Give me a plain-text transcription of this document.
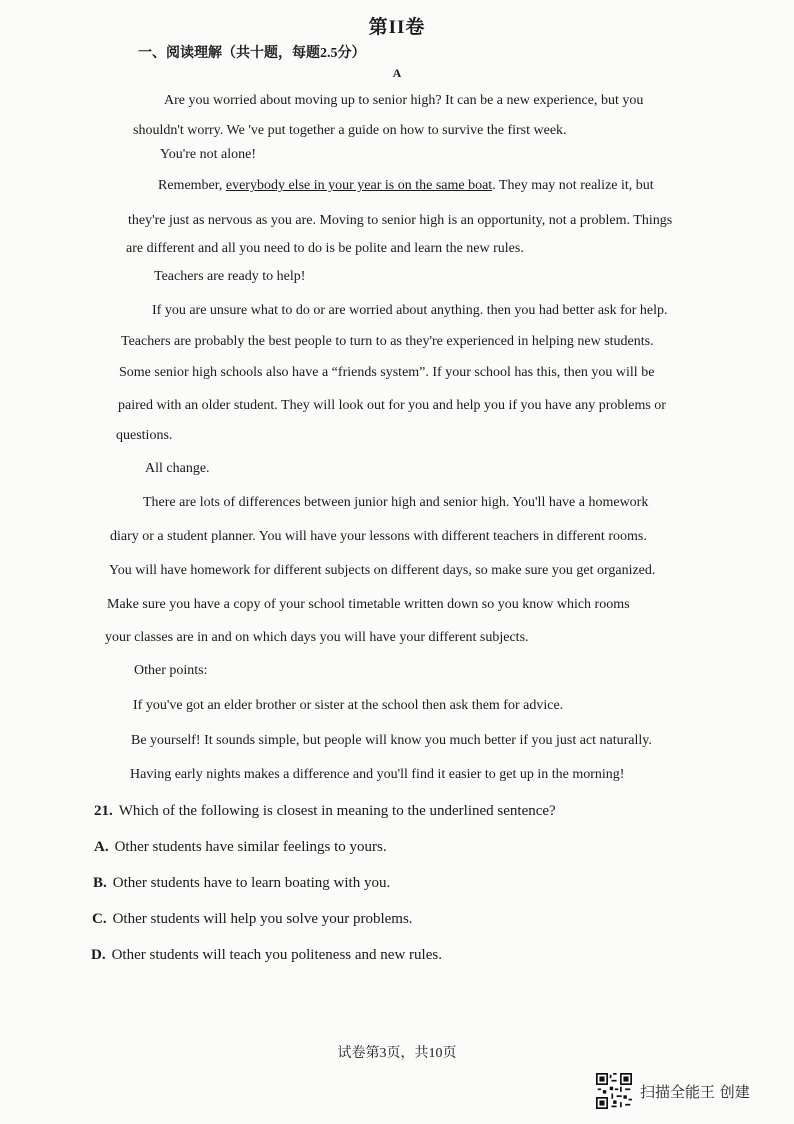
第II卷
一、阅读理解（共十题，每题2.5分）
A
Are you worried about moving up to senior high? It can be a new experience, but you
shouldn't worry. We 've put together a guide on how to survive the first week.
You're not alone!
Remember, everybody else in your year is on the same boat. They may not realize it, but
they're just as nervous as you are. Moving to senior high is an opportunity, not a problem. Things
are different and all you need to do is be polite and learn the new rules.
Teachers are ready to help!
If you are unsure what to do or are worried about anything. then you had better ask for help.
Teachers are probably the best people to turn to as they're experienced in helping new students.
Some senior high schools also have a “friends system”. If your school has this, then you will be
paired with an older student. They will look out for you and help you if you have any problems or
questions.
All change.
There are lots of differences between junior high and senior high. You'll have a homework
diary or a student planner. You will have your lessons with different teachers in different rooms.
You will have homework for different subjects on different days, so make sure you get organized.
Make sure you have a copy of your school timetable written down so you know which rooms
your classes are in and on which days you will have your different subjects.
Other points:
If you've got an elder brother or sister at the school then ask them for advice.
Be yourself! It sounds simple, but people will know you much better if you just act naturally.
Having early nights makes a difference and you'll find it easier to get up in the morning!
21. Which of the following is closest in meaning to the underlined sentence?
A. Other students have similar feelings to yours.
B. Other students have to learn boating with you.
C. Other students will help you solve your problems.
D. Other students will teach you politeness and new rules.
试卷第3页，共10页
扫描全能王 创建
